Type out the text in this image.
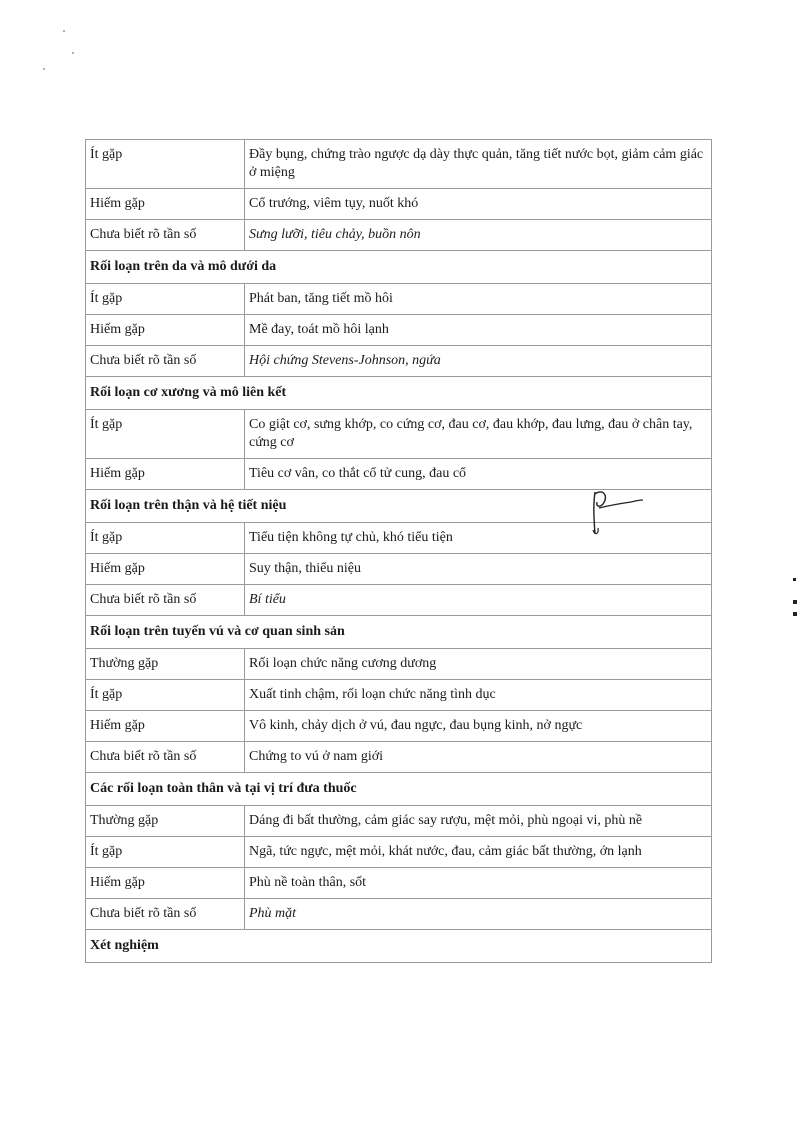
Ít gặp	Đầy bụng, chứng trào ngược dạ dày thực quản, tăng tiết nước bọt, giảm cảm giác ở miệng
Hiếm gặp	Cổ trướng, viêm tụy, nuốt khó
Chưa biết rõ tần số	Sưng lưỡi, tiêu chảy, buồn nôn
Rối loạn trên da và mô dưới da	
Ít gặp	Phát ban, tăng tiết mồ hôi
Hiếm gặp	Mề đay, toát mồ hôi lạnh
Chưa biết rõ tần số	Hội chứng Stevens-Johnson, ngứa
Rối loạn cơ xương và mô liên kết	
Ít gặp	Co giật cơ, sưng khớp, co cứng cơ, đau cơ, đau khớp, đau lưng, đau ở chân tay, cứng cơ
Hiếm gặp	Tiêu cơ vân, co thắt cổ tử cung, đau cổ
Rối loạn trên thận và hệ tiết niệu	
Ít gặp	Tiểu tiện không tự chủ, khó tiểu tiện
Hiếm gặp	Suy thận, thiểu niệu
Chưa biết rõ tần số	Bí tiểu
Rối loạn trên tuyến vú và cơ quan sinh sản	
Thường gặp	Rối loạn chức năng cương dương
Ít gặp	Xuất tinh chậm, rối loạn chức năng tình dục
Hiếm gặp	Vô kinh, chảy dịch ở vú, đau ngực, đau bụng kinh, nở ngực
Chưa biết rõ tần số	Chứng to vú ở nam giới
Các rối loạn toàn thân và tại vị trí đưa thuốc	
Thường gặp	Dáng đi bất thường, cảm giác say rượu, mệt mỏi, phù ngoại vi, phù nề
Ít gặp	Ngã, tức ngực, mệt mỏi, khát nước, đau, cảm giác bất thường, ớn lạnh
Hiếm gặp	Phù nề toàn thân, sốt
Chưa biết rõ tần số	Phù mặt
Xét nghiệm	
